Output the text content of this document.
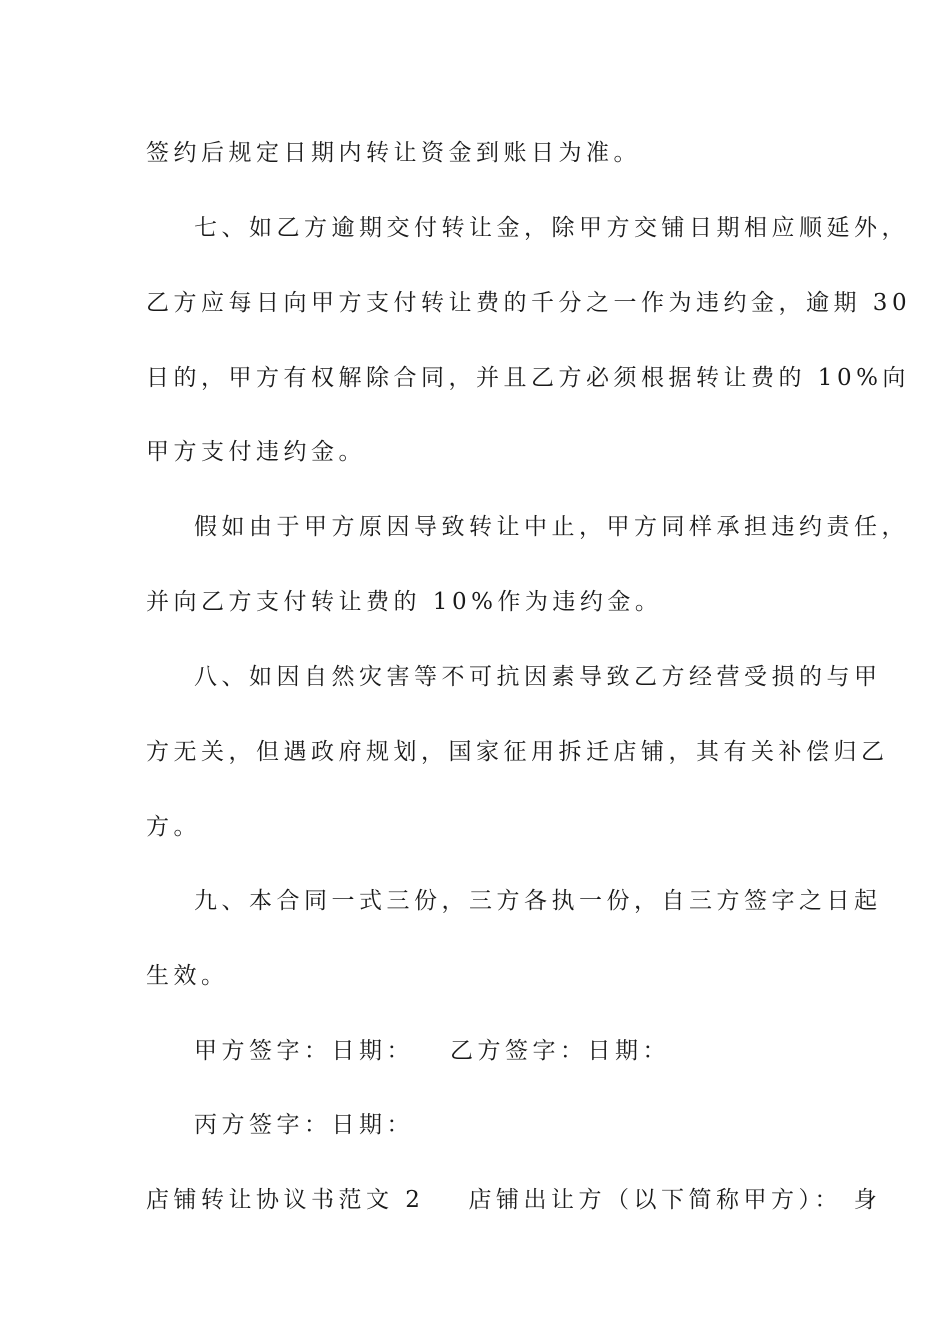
签约后规定日期内转让资金到账日为准。
七、如乙方逾期交付转让金，除甲方交铺日期相应顺延外，
乙方应每日向甲方支付转让费的千分之一作为违约金，逾期 30
日的，甲方有权解除合同，并且乙方必须根据转让费的 10%向
甲方支付违约金。
假如由于甲方原因导致转让中止，甲方同样承担违约责任，
并向乙方支付转让费的 10%作为违约金。
八、如因自然灾害等不可抗因素导致乙方经营受损的与甲
方无关，但遇政府规划，国家征用拆迁店铺，其有关补偿归乙
方。
九、本合同一式三份，三方各执一份，自三方签字之日起
生效。
甲方签字：日期： 乙方签字：日期：
丙方签字：日期：
店铺转让协议书范文 2 店铺出让方（以下简称甲方）： 身
